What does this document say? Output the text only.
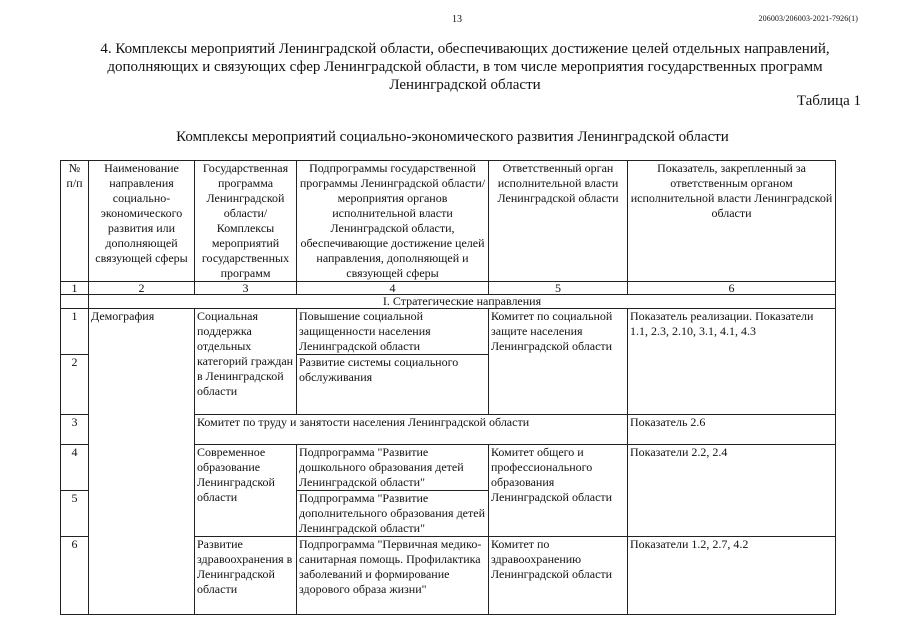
13	206003/206003-2021-7926(1)
4. Комплексы мероприятий Ленинградской области, обеспечивающих достижение целей отдельных направлений, дополняющих и связующих сфер Ленинградской области, в том числе мероприятия государственных программ Ленинградской области
Таблица 1
Комплексы мероприятий социально-экономического развития Ленинградской области
№ п/п	Наименование направления социально-экономического развития или дополняющей связующей сферы	Государственная программа Ленинградской области/ Комплексы мероприятий государственных программ	Подпрограммы государственной программы Ленинградской области/мероприятия органов исполнительной власти Ленинградской области, обеспечивающие достижение целей направления, дополняющей и связующей сферы	Ответственный орган исполнительной власти Ленинградской области	Показатель, закрепленный за ответственным органом исполнительной власти Ленинградской области
1	2	3	4	5	6
	I. Стратегические направления				
1	Демография	Социальная поддержка отдельных категорий граждан в Ленинградской области	Повышение социальной защищенности населения Ленинградской области	Комитет по социальной защите населения Ленинградской области	Показатель реализации. Показатели 1.1, 2.3, 2.10, 3.1, 4.1, 4.3
2			Развитие системы социального обслуживания		
3		Комитет по труду и занятости населения Ленинградской области			Показатель 2.6
4		Современное образование Ленинградской области	Подпрограмма "Развитие дошкольного образования детей Ленинградской области"	Комитет общего и профессионального образования Ленинградской области	Показатели 2.2, 2.4
5			Подпрограмма "Развитие дополнительного образования детей Ленинградской области"		
6		Развитие здравоохранения в Ленинградской области	Подпрограмма "Первичная медико-санитарная помощь. Профилактика заболеваний и формирование здорового образа жизни"	Комитет по здравоохранению Ленинградской области	Показатели 1.2, 2.7, 4.2
